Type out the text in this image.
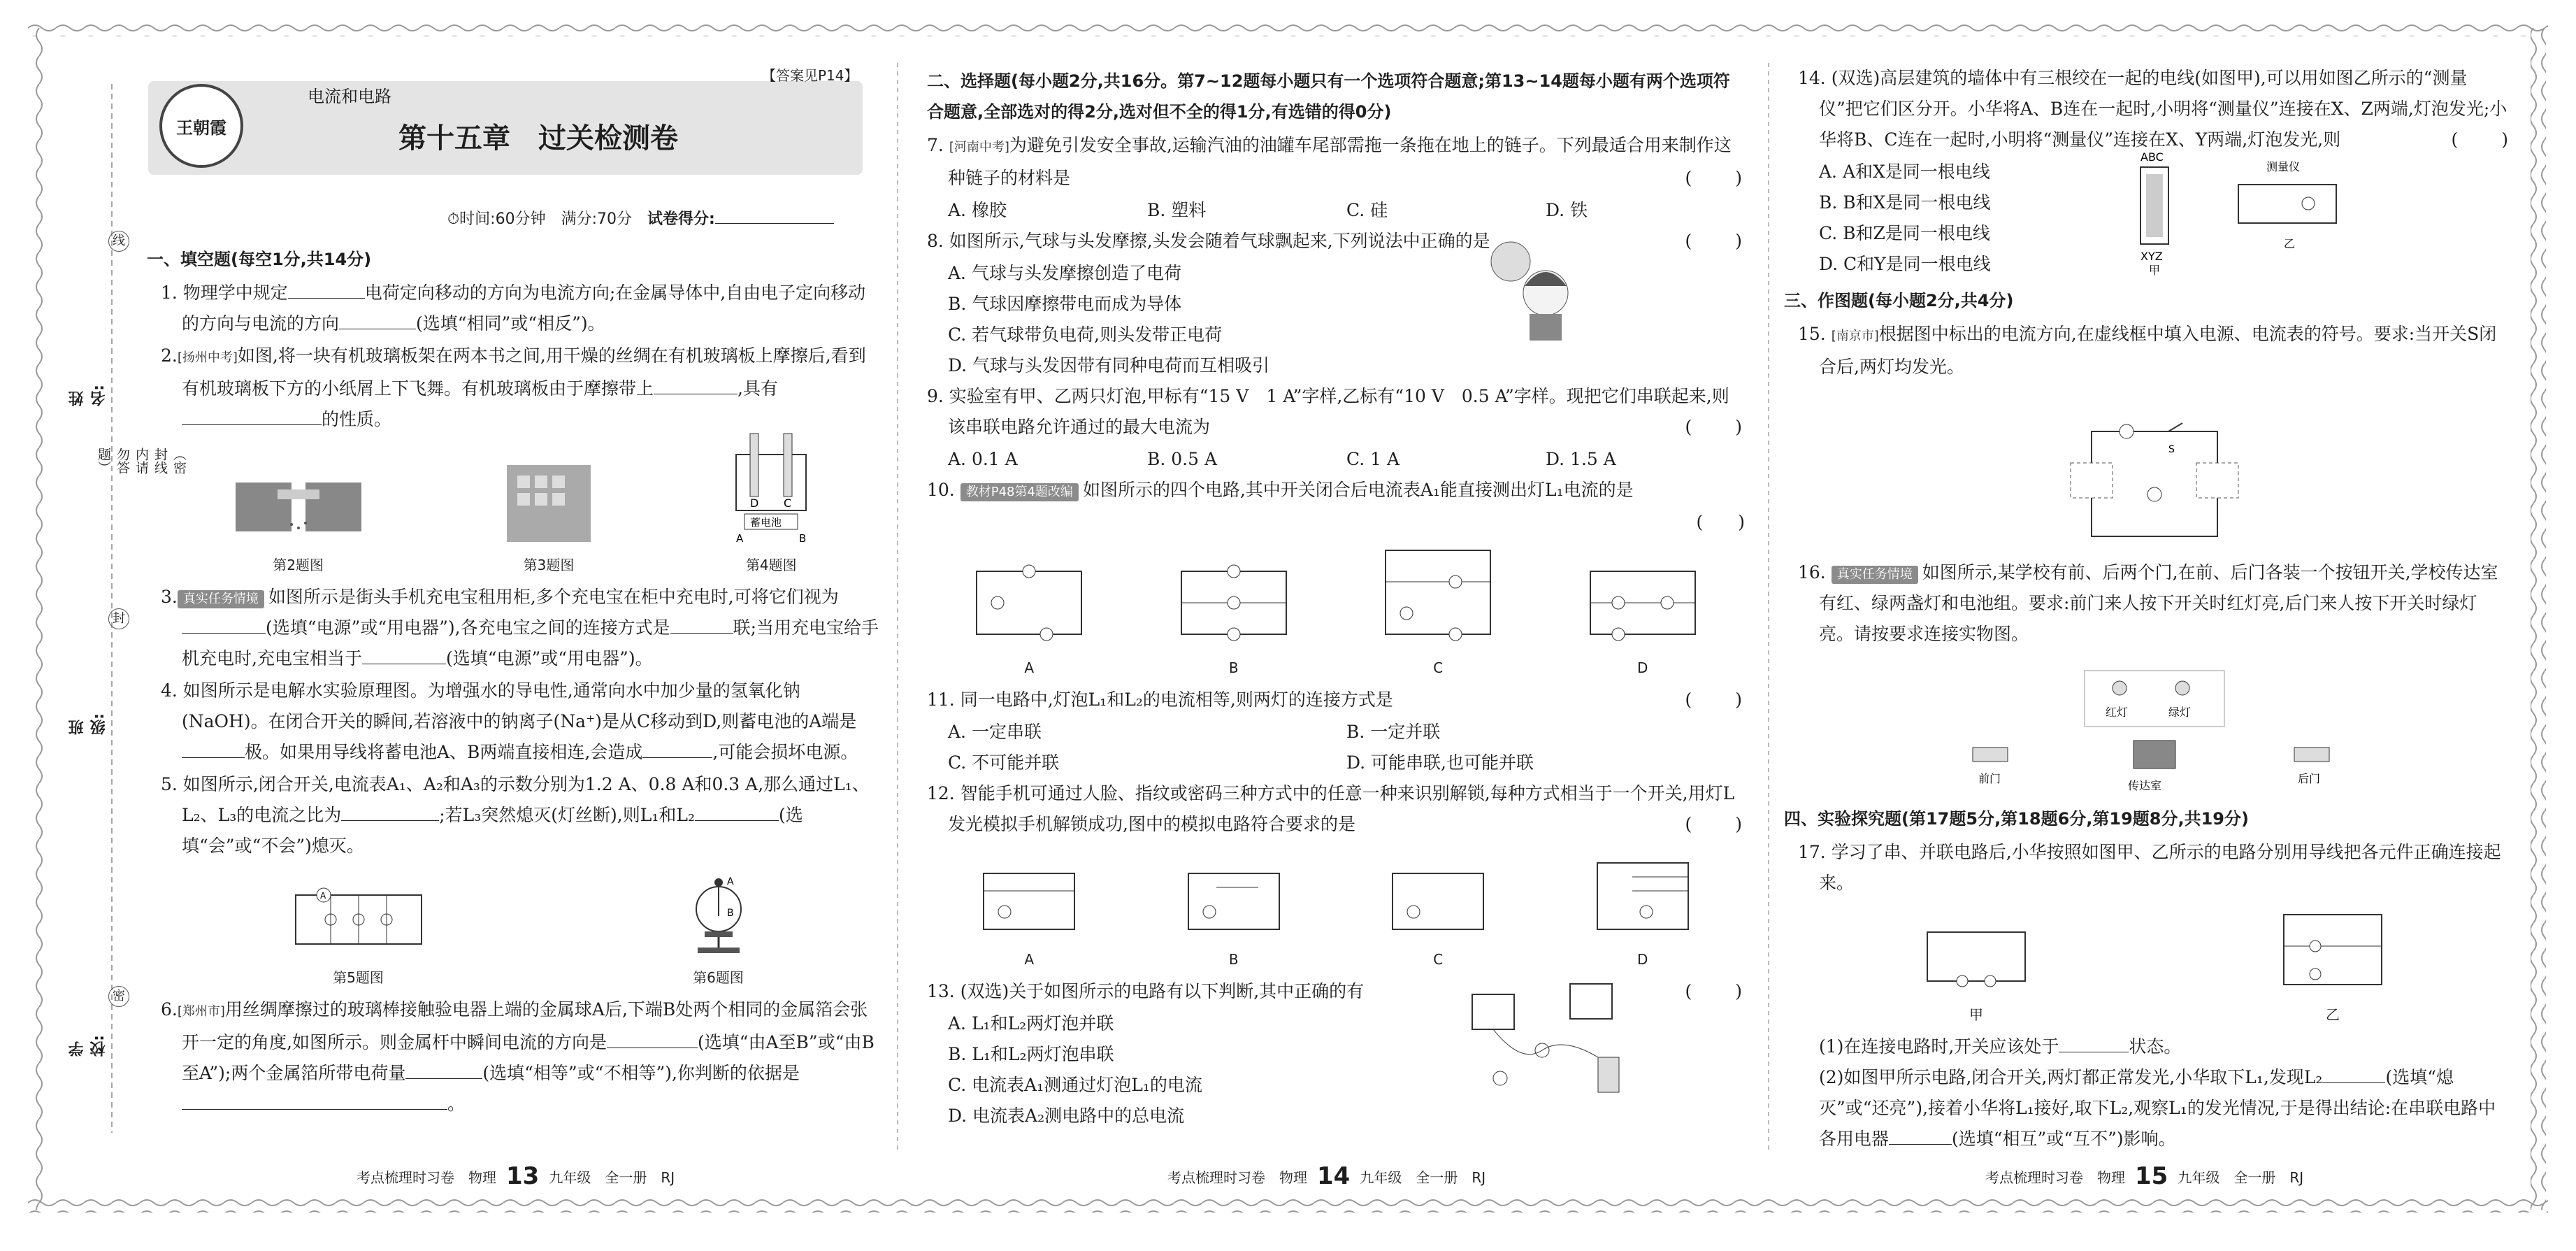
姓名:
（密封线内请勿答题）
班级:
学校:
线
封
密
王朝霞
电流和电路
【答案见P14】
第十五章　过关检测卷
⏱时间:60分钟　满分:70分　 试卷得分:
一、填空题(每空1分,共14分)
1. 物理学中规定	电荷定向移动的方向为电流方向;在金属导体中,自由电子定向移动的方向与电流的方向	(选填“相同”或“相反”)。
2.[扬州中考]如图,将一块有机玻璃板架在两本书之间,用干燥的丝绸在有机玻璃板上摩擦后,看到有机玻璃板下方的小纸屑上下飞舞。有机玻璃板由于摩擦带上	,具有的性质。
第2题图	第3题图
D C
蓄电池
A	B
第4题图
3. 真实任务情境 如图所示是街头手机充电宝租用柜,多个充电宝在柜中充电时,可将它们视为(选填“电源”或“用电器”),各充电宝之间的连接方式是	联;当用充电宝给手机充电时,充电宝相当于	(选填“电源”或“用电器”)。
4. 如图所示是电解水实验原理图。为增强水的导电性,通常向水中加少量的氢氧化钠(NaOH)。在闭合开关的瞬间,若溶液中的钠离子(Na⁺)是从C移动到D,则蓄电池的A端是极。如果用导线将蓄电池A、B两端直接相连,会造成	,可能会损坏电源。
5. 如图所示,闭合开关,电流表A₁、A₂和A₃的示数分别为1.2 A、0.8 A和0.3 A,那么通过L₁、L₂、L₃的电流之比为	;若L₃突然熄灭(灯丝断),则L₁和L₂	(选填“会”或“不会”)熄灭。
A
第5题图
A
B
第6题图
6.[郑州市]用丝绸摩擦过的玻璃棒接触验电器上端的金属球A后,下端B处两个相同的金属箔会张开一定的角度,如图所示。则金属杆中瞬间电流的方向是	(选填“由A至B”或“由B至A”);两个金属箔所带电荷量	(选填“相等”或“不相等”),你判断的依据是。
二、选择题(每小题2分,共16分。第7~12题每小题只有一个选项符合题意;第13~14题每小题有两个选项符合题意,全部选对的得2分,选对但不全的得1分,有选错的得0分)
7. [河南中考]为避免引发安全事故,运输汽油的油罐车尾部需拖一条拖在地上的链子。下列最适合用来制作这种链子的材料是	(　　)
A. 橡胶	B. 塑料	C. 硅	D. 铁
8. 如图所示,气球与头发摩擦,头发会随着气球飘起来,下列说法中正确的是	(　　)
A. 气球与头发摩擦创造了电荷
B. 气球因摩擦带电而成为导体
C. 若气球带负电荷,则头发带正电荷
D. 气球与头发因带有同种电荷而互相吸引
9. 实验室有甲、乙两只灯泡,甲标有“15 V　1 A”字样,乙标有“10 V　0.5 A”字样。现把它们串联起来,则该串联电路允许通过的最大电流为	(　　)
A. 0.1 A	B. 0.5 A	C. 1 A	D. 1.5 A
10. 教材P48第4题改编 如图所示的四个电路,其中开关闭合后电流表A₁能直接测出灯L₁电流的是
(　　)
A	B	C	D
11. 同一电路中,灯泡L₁和L₂的电流相等,则两灯的连接方式是	(　　)
A. 一定串联	B. 一定并联
C. 不可能并联	D. 可能串联,也可能并联
12. 智能手机可通过人脸、指纹或密码三种方式中的任意一种来识别解锁,每种方式相当于一个开关,用灯L发光模拟手机解锁成功,图中的模拟电路符合要求的是	(　　)
A	B	C	D
13. (双选)关于如图所示的电路有以下判断,其中正确的有	(　　)
A. L₁和L₂两灯泡并联
B. L₁和L₂两灯泡串联
C. 电流表A₁测通过灯泡L₁的电流
D. 电流表A₂测电路中的总电流
14. (双选)高层建筑的墙体中有三根绞在一起的电线(如图甲),可以用如图乙所示的“测量仪”把它们区分开。小华将A、B连在一起时,小明将“测量仪”连接在X、Z两端,灯泡发光;小华将B、C连在一起时,小明将“测量仪”连接在X、Y两端,灯泡发光,则	(　　)
A. A和X是同一根电线
B. B和X是同一根电线
C. B和Z是同一根电线
D. C和Y是同一根电线
ABC
XYZ
甲
测量仪
乙
三、作图题(每小题2分,共4分)
15. [南京市]根据图中标出的电流方向,在虚线框中填入电源、电流表的符号。要求:当开关S闭合后,两灯均发光。
S
16. 真实任务情境 如图所示,某学校有前、后两个门,在前、后门各装一个按钮开关,学校传达室有红、绿两盏灯和电池组。要求:前门来人按下开关时红灯亮,后门来人按下开关时绿灯亮。请按要求连接实物图。
红灯	绿灯
前门	后门
传达室
四、实验探究题(第17题5分,第18题6分,第19题8分,共19分)
17. 学习了串、并联电路后,小华按照如图甲、乙所示的电路分别用导线把各元件正确连接起来。
甲	乙
(1)在连接电路时,开关应该处于	状态。
(2)如图甲所示电路,闭合开关,两灯都正常发光,小华取下L₁,发现L₂	(选填“熄灭”或“还亮”),接着小华将L₁接好,取下L₂,观察L₁的发光情况,于是得出结论:在串联电路中各用电器	(选填“相互”或“互不”)影响。
考点梳理时习卷　物理 13 九年级　全一册　RJ	考点梳理时习卷　物理 14 九年级　全一册　RJ	考点梳理时习卷　物理 15 九年级　全一册　RJ
